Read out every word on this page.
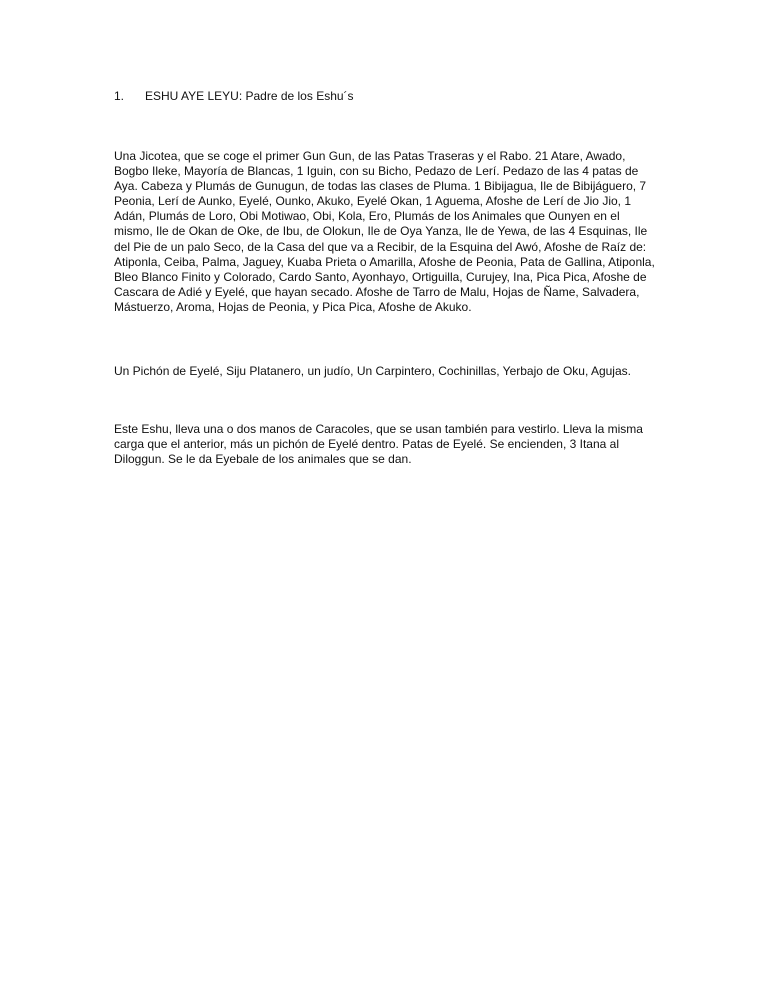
1. ESHU AYE LEYU: Padre de los Eshu´s

Una Jicotea, que se coge el primer Gun Gun, de las Patas Traseras y el Rabo. 21 Atare, Awado, Bogbo Ileke, Mayoría de Blancas, 1 Iguin, con su Bicho, Pedazo de Lerí. Pedazo de las 4 patas de Aya. Cabeza y Plumás de Gunugun, de todas las clases de Pluma. 1 Bibijagua, Ile de Bibijáguero, 7 Peonia, Lerí de Aunko, Eyelé, Ounko, Akuko, Eyelé Okan, 1 Aguema, Afoshe de Lerí de Jio Jio, 1 Adán, Plumás de Loro, Obi Motiwao, Obi, Kola, Ero, Plumás de los Animales que Ounyen en el mismo, Ile de Okan de Oke, de Ibu, de Olokun, Ile de Oya Yanza, Ile de Yewa, de las 4 Esquinas, Ile del Pie de un palo Seco, de la Casa del que va a Recibir, de la Esquina del Awó, Afoshe de Raíz de: Atiponla, Ceiba, Palma, Jaguey, Kuaba Prieta o Amarilla, Afoshe de Peonia, Pata de Gallina, Atiponla, Bleo Blanco Finito y Colorado, Cardo Santo, Ayonhayo, Ortiguilla, Curujey, Ina, Pica Pica, Afoshe de Cascara de Adié y Eyelé, que hayan secado. Afoshe de Tarro de Malu, Hojas de Ñame, Salvadera, Mástuerzo, Aroma, Hojas de Peonia, y Pica Pica, Afoshe de Akuko.

Un Pichón de Eyelé, Siju Platanero, un judío, Un Carpintero, Cochinillas, Yerbajo de Oku, Agujas.

Este Eshu, lleva una o dos manos de Caracoles, que se usan también para vestirlo. Lleva la misma carga que el anterior, más un pichón de Eyelé dentro. Patas de Eyelé. Se encienden, 3 Itana al Diloggun. Se le da Eyebale de los animales que se dan.
